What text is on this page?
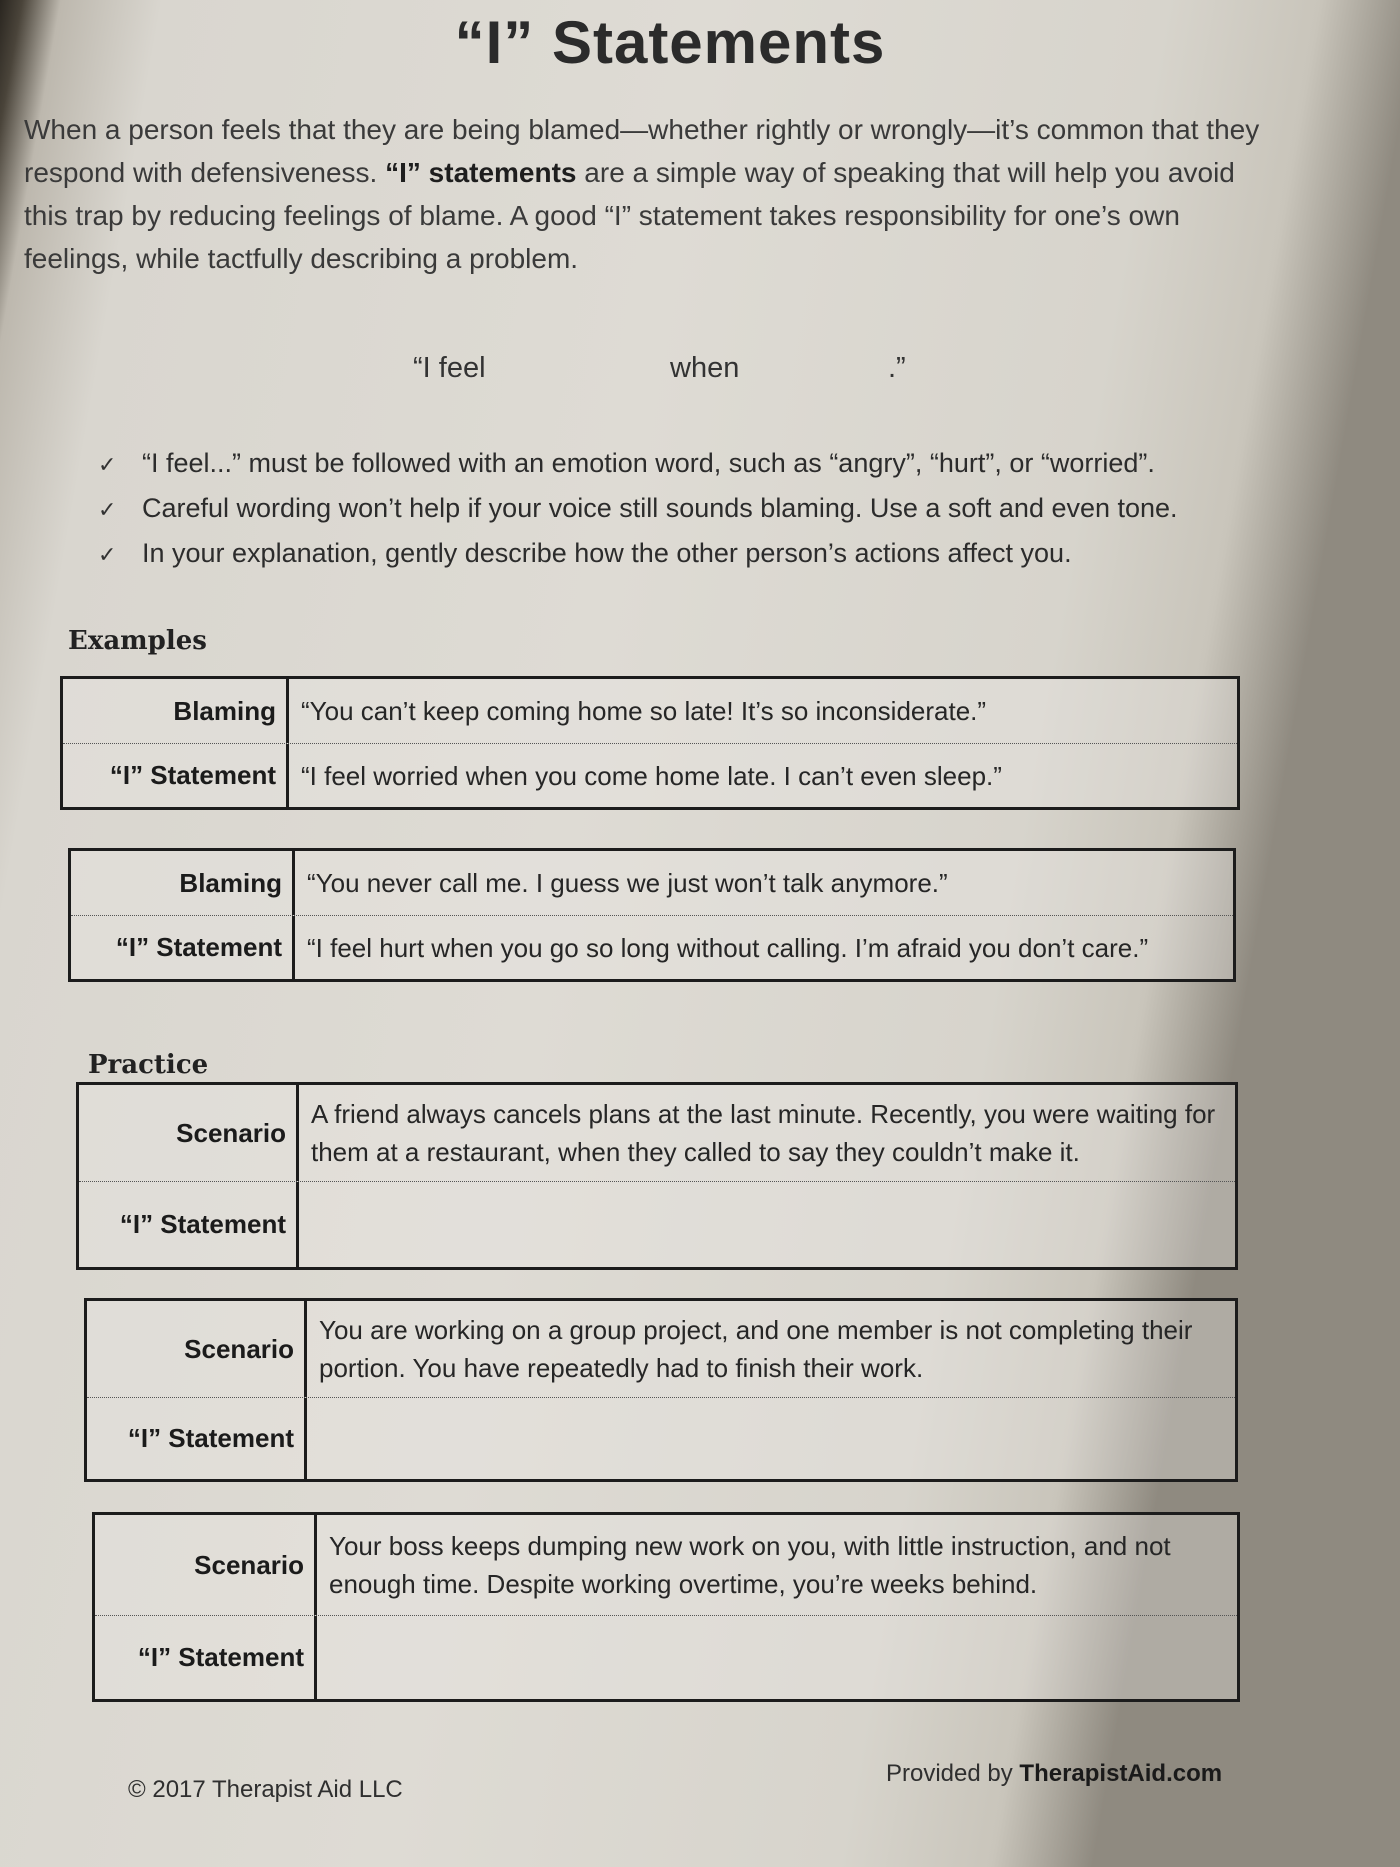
“I” Statements
When a person feels that they are being blamed—whether rightly or wrongly—it’s common that they respond with defensiveness. “I” statements are a simple way of speaking that will help you avoid this trap by reducing feelings of blame. A good “I” statement takes responsibility for one’s own feelings, while tactfully describing a problem.
“I feel	when	.”
✓ “I feel...” must be followed with an emotion word, such as “angry”, “hurt”, or “worried”.
✓ Careful wording won’t help if your voice still sounds blaming. Use a soft and even tone.
✓ In your explanation, gently describe how the other person’s actions affect you.
Examples
Blaming “You can’t keep coming home so late! It’s so inconsiderate.”
“I” Statement “I feel worried when you come home late. I can’t even sleep.”
Blaming “You never call me. I guess we just won’t talk anymore.”
“I” Statement “I feel hurt when you go so long without calling. I’m afraid you don’t care.”
Practice
Scenario
A friend always cancels plans at the last minute. Recently, you were waiting for them at a restaurant, when they called to say they couldn’t make it.
“I” Statement
Scenario
You are working on a group project, and one member is not completing their portion. You have repeatedly had to finish their work.
“I” Statement
Scenario
Your boss keeps dumping new work on you, with little instruction, and not enough time. Despite working overtime, you’re weeks behind.
“I” Statement
© 2017 Therapist Aid LLC
Provided by TherapistAid.com
